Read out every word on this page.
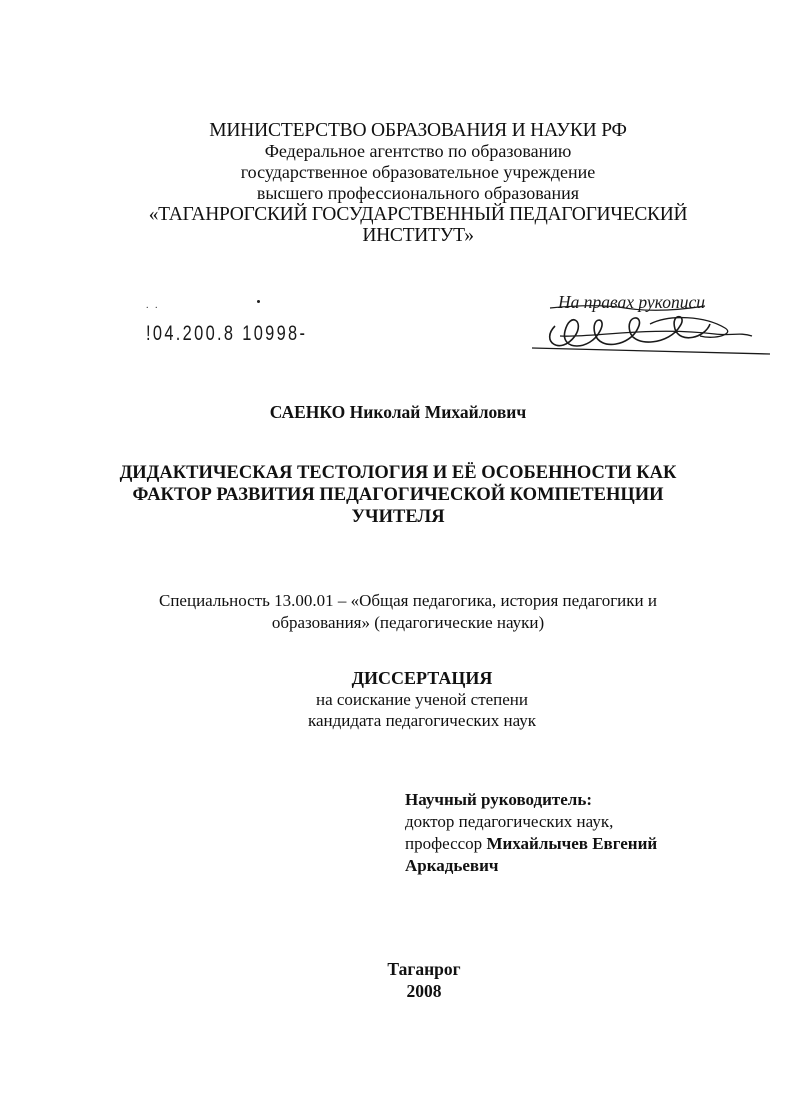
МИНИСТЕРСТВО ОБРАЗОВАНИЯ И НАУКИ РФ
Федеральное агентство по образованию
государственное образовательное учреждение
высшего профессионального образования
«ТАГАНРОГСКИЙ ГОСУДАРСТВЕННЫЙ ПЕДАГОГИЧЕСКИЙ
ИНСТИТУТ»
. .
!04.200.8 10998-
На правах рукописи
САЕНКО Николай Михайлович
ДИДАКТИЧЕСКАЯ ТЕСТОЛОГИЯ И ЕЁ ОСОБЕННОСТИ КАК
ФАКТОР РАЗВИТИЯ ПЕДАГОГИЧЕСКОЙ КОМПЕТЕНЦИИ
УЧИТЕЛЯ
Специальность 13.00.01 – «Общая педагогика, история педагогики и
образования» (педагогические науки)
ДИССЕРТАЦИЯ
на соискание ученой степени
кандидата педагогических наук
Научный руководитель:
доктор педагогических наук,
профессор Михайлычев Евгений
Аркадьевич
Таганрог
2008
